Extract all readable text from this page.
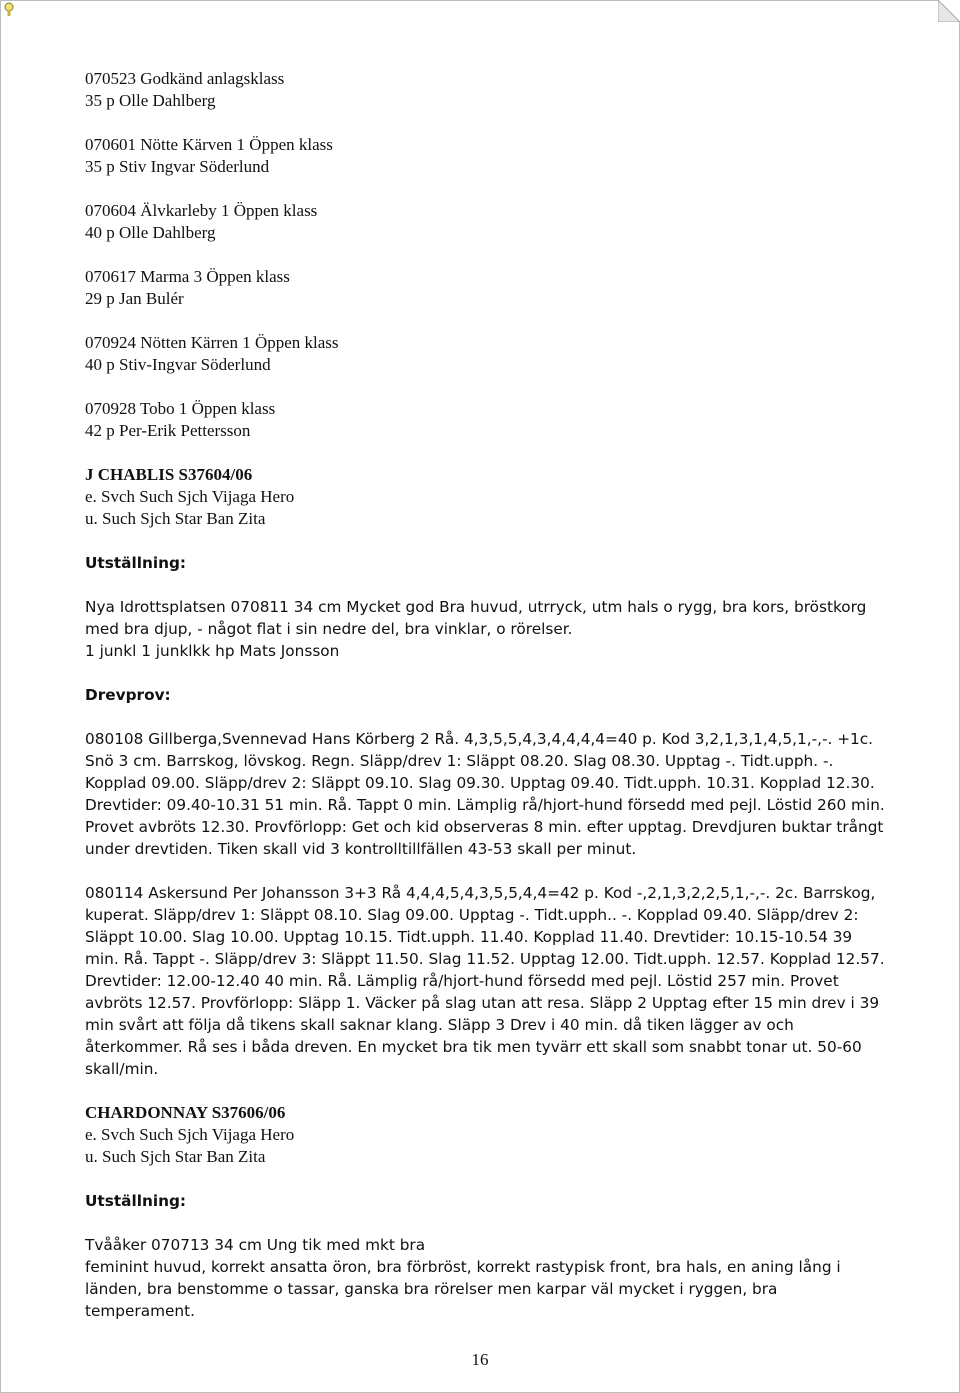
070523 Godkänd anlagsklass

35 p Olle Dahlberg

070601 Nötte Kärven 1 Öppen klass

35 p Stiv Ingvar Söderlund

070604 Älvkarleby 1 Öppen klass

40 p Olle Dahlberg

070617 Marma 3 Öppen klass

29 p Jan Bulér

070924 Nötten Kärren 1 Öppen klass

40 p Stiv-Ingvar Söderlund

070928 Tobo 1 Öppen klass

42 p Per-Erik Pettersson

J CHABLIS S37604/06

e. Svch Such Sjch Vijaga Hero

u. Such Sjch Star Ban Zita

Utställning:

Nya Idrottsplatsen 070811 34 cm Mycket god Bra huvud, utrryck, utm hals o rygg, bra kors, bröstkorg med bra djup, - något flat i sin nedre del, bra vinklar, o rörelser.

1 junkl 1 junklkk hp Mats Jonsson

Drevprov:

080108 Gillberga,Svennevad Hans Körberg 2 Rå. 4,3,5,5,4,3,4,4,4,4=40 p. Kod 3,2,1,3,1,4,5,1,-,-. +1c. Snö 3 cm. Barrskog, lövskog. Regn. Släpp/drev 1: Släppt 08.20. Slag 08.30. Upptag -. Tidt.upph. -. Kopplad 09.00. Släpp/drev 2: Släppt 09.10. Slag 09.30. Upptag 09.40. Tidt.upph. 10.31. Kopplad 12.30. Drevtider: 09.40-10.31 51 min. Rå. Tappt 0 min. Lämplig rå/hjort-hund försedd med pejl. Löstid 260 min. Provet avbröts 12.30. Provförlopp: Get och kid observeras 8 min. efter upptag. Drevdjuren buktar trångt under drevtiden. Tiken skall vid 3 kontrolltillfällen 43-53 skall per minut.

080114 Askersund Per Johansson 3+3 Rå 4,4,4,5,4,3,5,5,4,4=42 p. Kod -,2,1,3,2,2,5,1,-,-. 2c. Barrskog, kuperat. Släpp/drev 1: Släppt 08.10. Slag 09.00. Upptag -. Tidt.upph.. -. Kopplad 09.40. Släpp/drev 2: Släppt 10.00. Slag 10.00. Upptag 10.15. Tidt.upph. 11.40. Kopplad 11.40. Drevtider: 10.15-10.54 39 min. Rå. Tappt -. Släpp/drev 3: Släppt 11.50. Slag 11.52. Upptag 12.00. Tidt.upph. 12.57. Kopplad 12.57. Drevtider: 12.00-12.40 40 min. Rå. Lämplig rå/hjort-hund försedd med pejl. Löstid 257 min. Provet avbröts 12.57. Provförlopp: Släpp 1. Väcker på slag utan att resa. Släpp 2 Upptag efter 15 min drev i 39 min svårt att följa då tikens skall saknar klang. Släpp 3 Drev i 40 min. då tiken lägger av och återkommer. Rå ses i båda dreven. En mycket bra tik men tyvärr ett skall som snabbt tonar ut. 50-60 skall/min.

CHARDONNAY S37606/06

e. Svch Such Sjch Vijaga Hero

u. Such Sjch Star Ban Zita

Utställning:

Tvååker 070713 34 cm Ung tik med mkt bra

feminint huvud, korrekt ansatta öron, bra förbröst, korrekt rastypisk front, bra hals, en aning lång i länden, bra benstomme o tassar, ganska bra rörelser men karpar väl mycket i ryggen, bra temperament.

16
